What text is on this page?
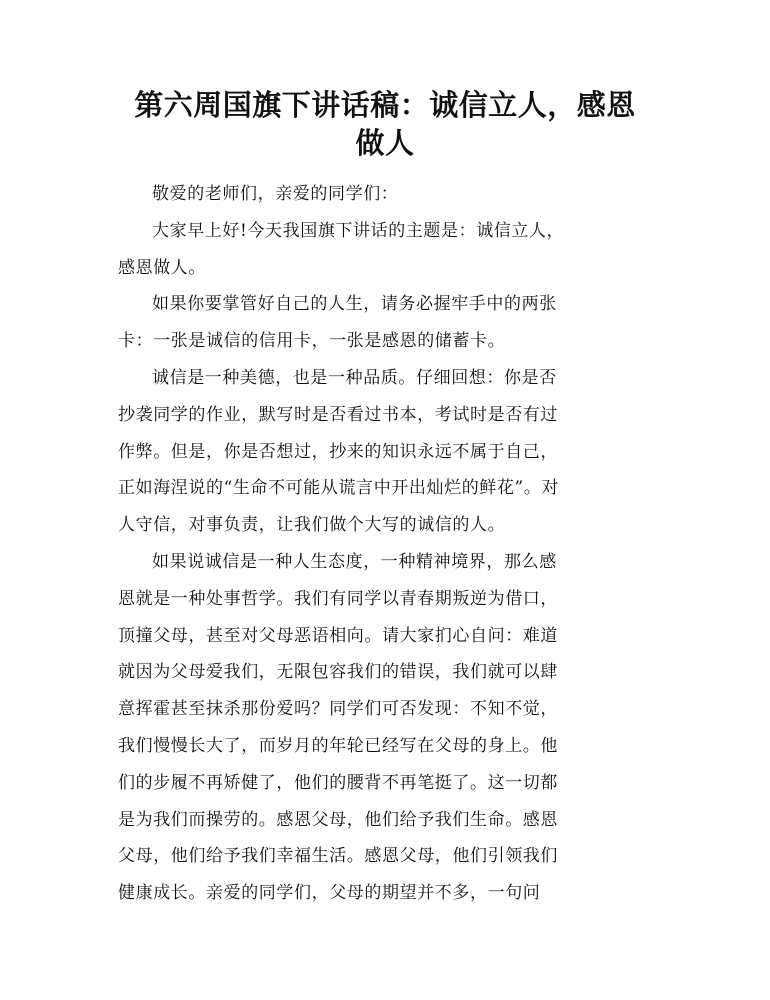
第六周国旗下讲话稿：诚信立人，感恩
做人

敬爱的老师们，亲爱的同学们：

大家早上好!今天我国旗下讲话的主题是：诚信立人，
感恩做人。

如果你要掌管好自己的人生，请务必握牢手中的两张
卡：一张是诚信的信用卡，一张是感恩的储蓄卡。

诚信是一种美德，也是一种品质。仔细回想：你是否
抄袭同学的作业，默写时是否看过书本，考试时是否有过
作弊。但是，你是否想过，抄来的知识永远不属于自己，
正如海涅说的“生命不可能从谎言中开出灿烂的鲜花”。对
人守信，对事负责，让我们做个大写的诚信的人。

如果说诚信是一种人生态度，一种精神境界，那么感
恩就是一种处事哲学。我们有同学以青春期叛逆为借口，
顶撞父母，甚至对父母恶语相向。请大家扪心自问：难道
就因为父母爱我们，无限包容我们的错误，我们就可以肆
意挥霍甚至抹杀那份爱吗？同学们可否发现：不知不觉，
我们慢慢长大了，而岁月的年轮已经写在父母的身上。他
们的步履不再矫健了，他们的腰背不再笔挺了。这一切都
是为我们而操劳的。感恩父母，他们给予我们生命。感恩
父母，他们给予我们幸福生活。感恩父母，他们引领我们
健康成长。亲爱的同学们，父母的期望并不多，一句问
